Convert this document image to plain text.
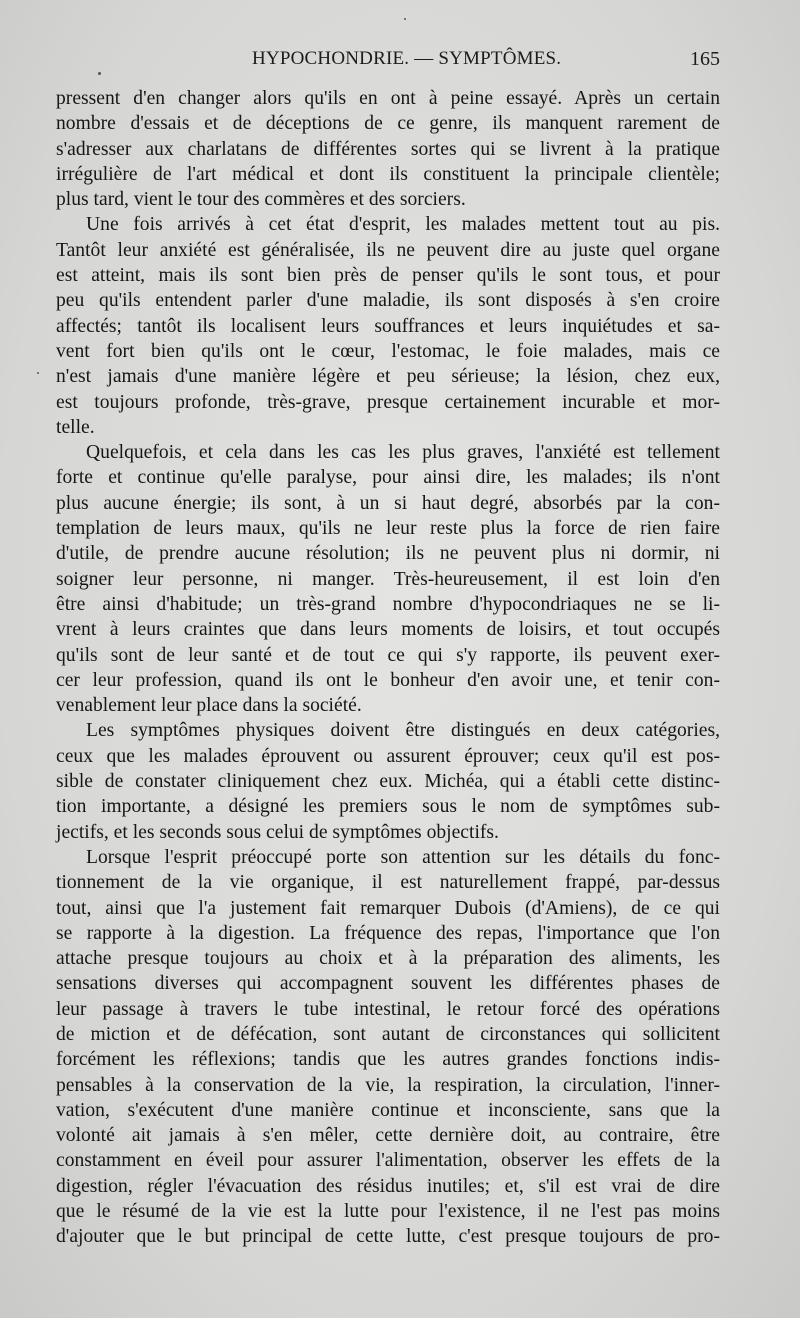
HYPOCHONDRIE. — SYMPTÔMES.	165
pressent d'en changer alors qu'ils en ont à peine essayé. Après un certain
nombre d'essais et de déceptions de ce genre, ils manquent rarement de
s'adresser aux charlatans de différentes sortes qui se livrent à la pratique
irrégulière de l'art médical et dont ils constituent la principale clientèle;
plus tard, vient le tour des commères et des sorciers.
Une fois arrivés à cet état d'esprit, les malades mettent tout au pis.
Tantôt leur anxiété est généralisée, ils ne peuvent dire au juste quel organe
est atteint, mais ils sont bien près de penser qu'ils le sont tous, et pour
peu qu'ils entendent parler d'une maladie, ils sont disposés à s'en croire
affectés; tantôt ils localisent leurs souffrances et leurs inquiétudes et sa-
vent fort bien qu'ils ont le cœur, l'estomac, le foie malades, mais ce
n'est jamais d'une manière légère et peu sérieuse; la lésion, chez eux,
est toujours profonde, très-grave, presque certainement incurable et mor-
telle.
Quelquefois, et cela dans les cas les plus graves, l'anxiété est tellement
forte et continue qu'elle paralyse, pour ainsi dire, les malades; ils n'ont
plus aucune énergie; ils sont, à un si haut degré, absorbés par la con-
templation de leurs maux, qu'ils ne leur reste plus la force de rien faire
d'utile, de prendre aucune résolution; ils ne peuvent plus ni dormir, ni
soigner leur personne, ni manger. Très-heureusement, il est loin d'en
être ainsi d'habitude; un très-grand nombre d'hypocondriaques ne se li-
vrent à leurs craintes que dans leurs moments de loisirs, et tout occupés
qu'ils sont de leur santé et de tout ce qui s'y rapporte, ils peuvent exer-
cer leur profession, quand ils ont le bonheur d'en avoir une, et tenir con-
venablement leur place dans la société.
Les symptômes physiques doivent être distingués en deux catégories,
ceux que les malades éprouvent ou assurent éprouver; ceux qu'il est pos-
sible de constater cliniquement chez eux. Michéa, qui a établi cette distinc-
tion importante, a désigné les premiers sous le nom de symptômes sub-
jectifs, et les seconds sous celui de symptômes objectifs.
Lorsque l'esprit préoccupé porte son attention sur les détails du fonc-
tionnement de la vie organique, il est naturellement frappé, par-dessus
tout, ainsi que l'a justement fait remarquer Dubois (d'Amiens), de ce qui
se rapporte à la digestion. La fréquence des repas, l'importance que l'on
attache presque toujours au choix et à la préparation des aliments, les
sensations diverses qui accompagnent souvent les différentes phases de
leur passage à travers le tube intestinal, le retour forcé des opérations
de miction et de défécation, sont autant de circonstances qui sollicitent
forcément les réflexions; tandis que les autres grandes fonctions indis-
pensables à la conservation de la vie, la respiration, la circulation, l'inner-
vation, s'exécutent d'une manière continue et inconsciente, sans que la
volonté ait jamais à s'en mêler, cette dernière doit, au contraire, être
constamment en éveil pour assurer l'alimentation, observer les effets de la
digestion, régler l'évacuation des résidus inutiles; et, s'il est vrai de dire
que le résumé de la vie est la lutte pour l'existence, il ne l'est pas moins
d'ajouter que le but principal de cette lutte, c'est presque toujours de pro-
